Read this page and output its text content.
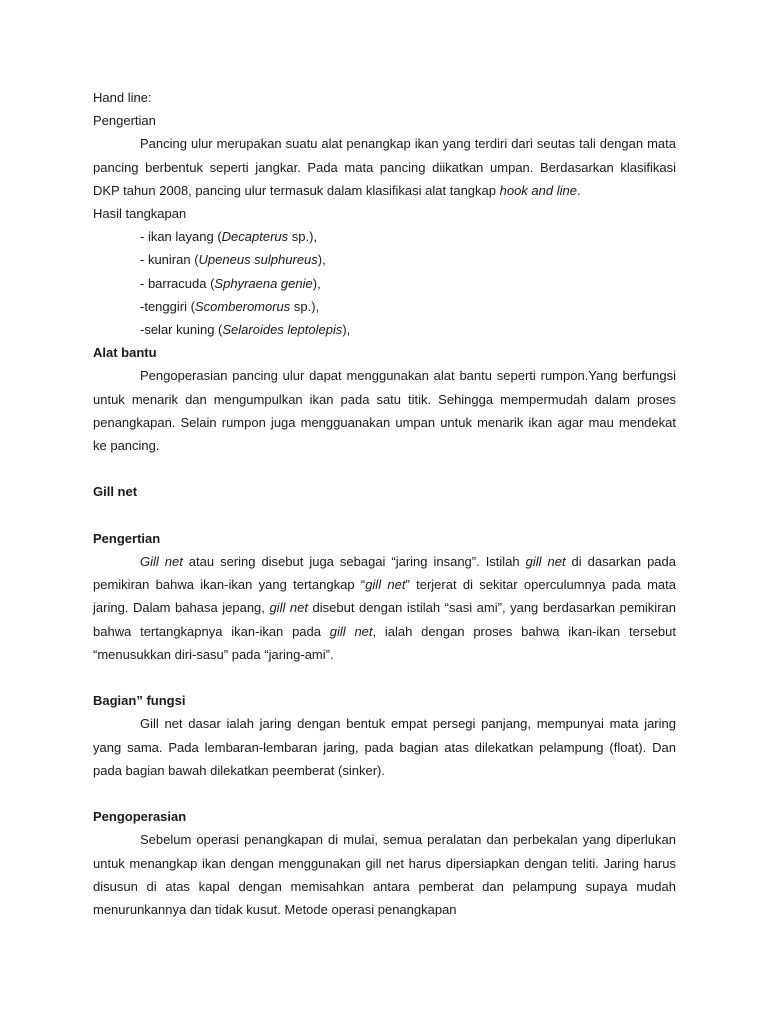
Hand line:
Pengertian
Pancing ulur merupakan suatu alat penangkap ikan yang terdiri dari seutas tali dengan mata pancing berbentuk seperti jangkar. Pada mata pancing diikatkan umpan. Berdasarkan klasifikasi DKP tahun 2008, pancing ulur termasuk dalam klasifikasi alat tangkap hook and line.
Hasil tangkapan
- ikan layang (Decapterus sp.),
- kuniran (Upeneus sulphureus),
- barracuda (Sphyraena genie),
-tenggiri (Scomberomorus sp.),
-selar kuning (Selaroides leptolepis),
Alat bantu
Pengoperasian pancing ulur dapat menggunakan alat bantu seperti rumpon.Yang berfungsi untuk menarik dan mengumpulkan ikan pada satu titik. Sehingga mempermudah dalam proses penangkapan. Selain rumpon juga mengguanakan umpan untuk menarik ikan agar mau mendekat ke pancing.
Gill net
Pengertian
Gill net atau sering disebut juga sebagai “jaring insang”. Istilah gill net di dasarkan pada pemikiran bahwa ikan-ikan yang tertangkap “gill net” terjerat di sekitar operculumnya pada mata jaring. Dalam bahasa jepang, gill net disebut dengan istilah “sasi ami”, yang berdasarkan pemikiran bahwa tertangkapnya ikan-ikan pada gill net, ialah dengan proses bahwa ikan-ikan tersebut “menusukkan diri-sasu” pada “jaring-ami”.
Bagian” fungsi
Gill net dasar ialah jaring dengan bentuk empat persegi panjang, mempunyai mata jaring yang sama. Pada lembaran-lembaran jaring, pada bagian atas dilekatkan pelampung (float). Dan pada bagian bawah dilekatkan peemberat (sinker).
Pengoperasian
Sebelum operasi penangkapan di mulai, semua peralatan dan perbekalan yang diperlukan untuk menangkap ikan dengan menggunakan gill net harus dipersiapkan dengan teliti. Jaring harus disusun di atas kapal dengan memisahkan antara pemberat dan pelampung supaya mudah menurunkannya dan tidak kusut. Metode operasi penangkapan
